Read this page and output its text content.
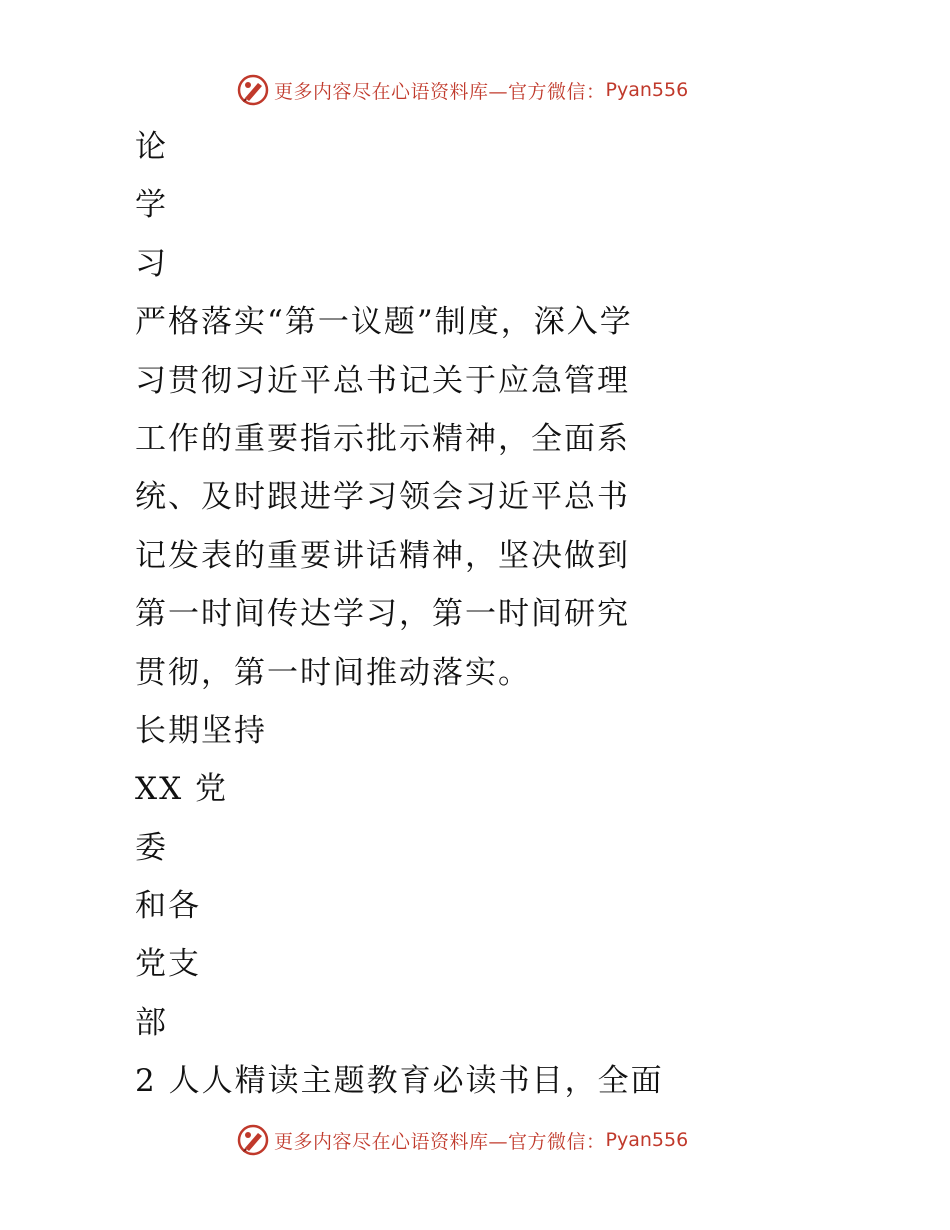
更多内容尽在心语资料库—官方微信： Pyan556
论
学
习
严格落实“第一议题”制度，深入学
习贯彻习近平总书记关于应急管理
工作的重要指示批示精神，全面系
统、及时跟进学习领会习近平总书
记发表的重要讲话精神，坚决做到
第一时间传达学习，第一时间研究
贯彻，第一时间推动落实。
长期坚持
XX 党
委
和各
党支
部
2 人人精读主题教育必读书目，全面
更多内容尽在心语资料库—官方微信： Pyan556
